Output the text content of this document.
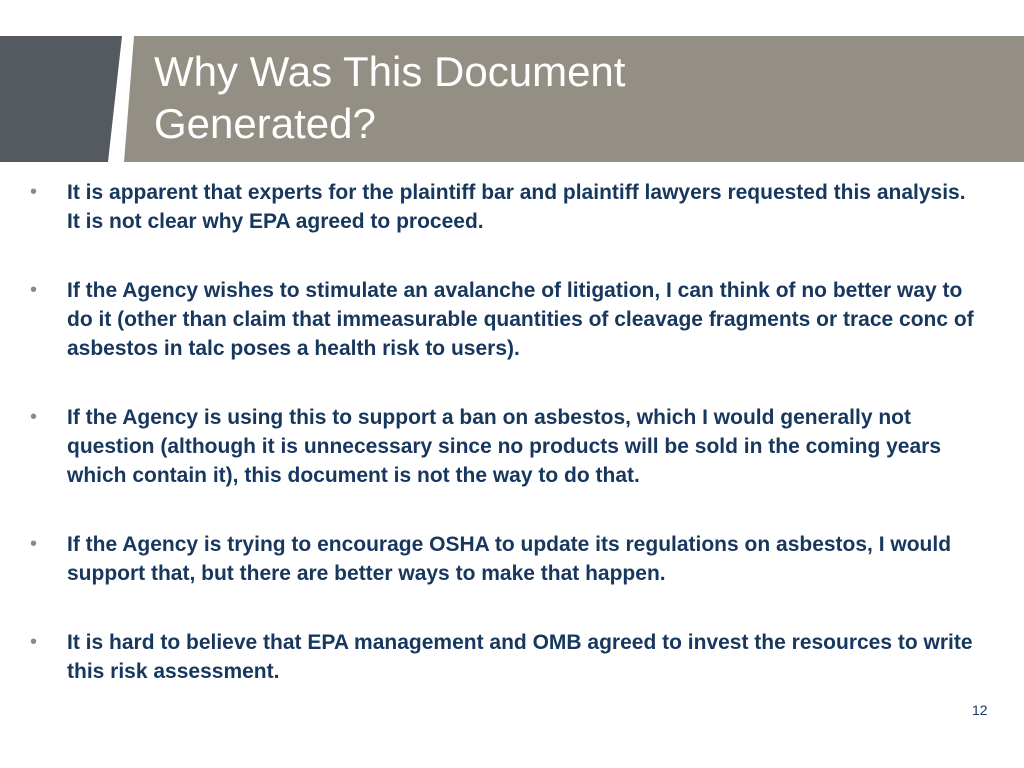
Why Was This Document
Generated?
• It is apparent that experts for the plaintiff bar and plaintiff lawyers requested this analysis. It is not clear why EPA agreed to proceed.
• If the Agency wishes to stimulate an avalanche of litigation, I can think of no better way to do it (other than claim that immeasurable quantities of cleavage fragments or trace conc of asbestos in talc poses a health risk to users).
• If the Agency is using this to support a ban on asbestos, which I would generally not question (although it is unnecessary since no products will be sold in the coming years which contain it), this document is not the way to do that.
• If the Agency is trying to encourage OSHA to update its regulations on asbestos, I would support that, but there are better ways to make that happen.
• It is hard to believe that EPA management and OMB agreed to invest the resources to write this risk assessment.
12
